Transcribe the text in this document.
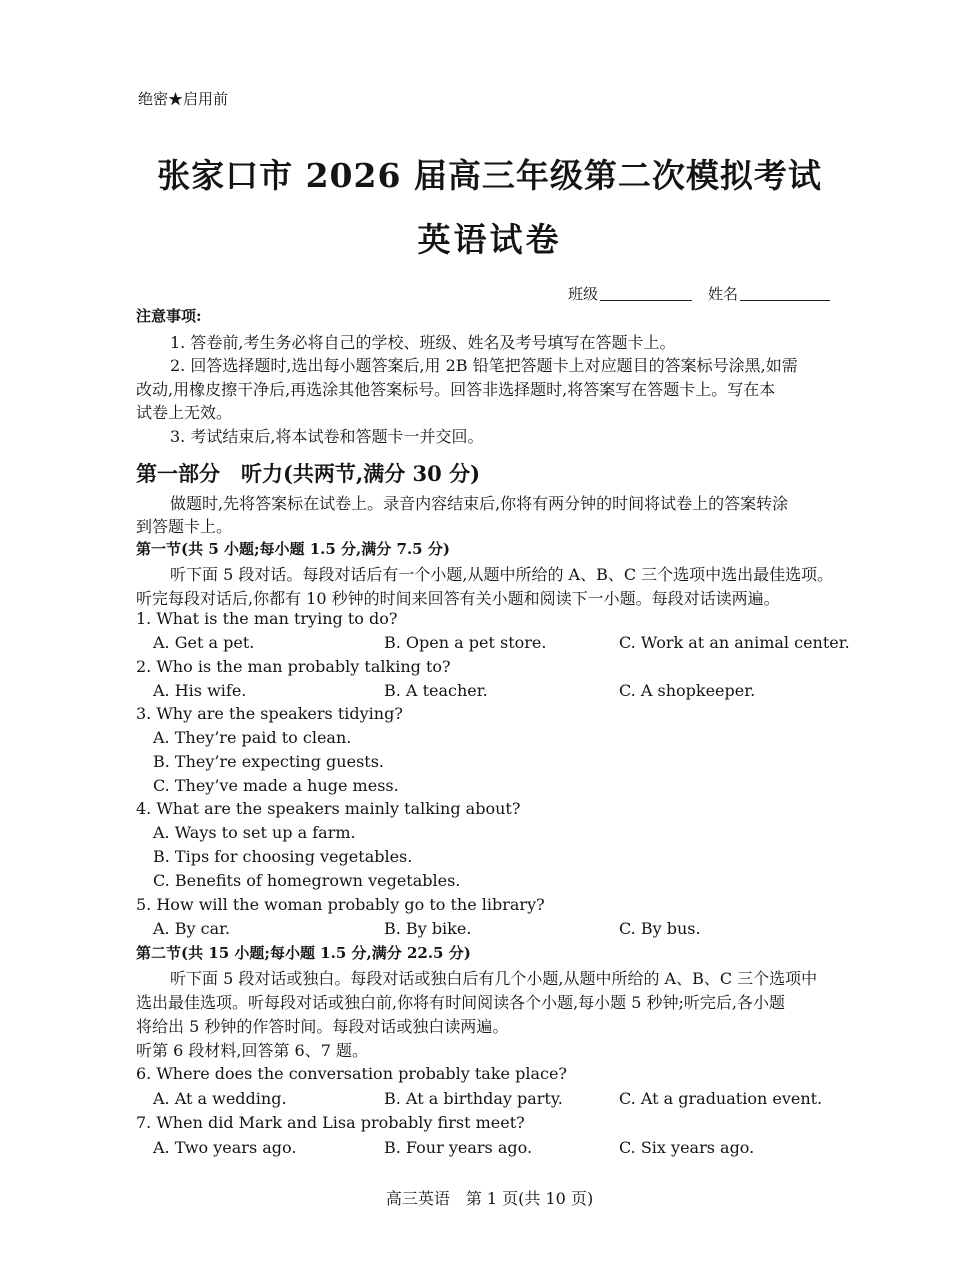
绝密★启用前
张家口市 2026 届高三年级第二次模拟考试
英语试卷
班级	姓名
注意事项:
1. 答卷前,考生务必将自己的学校、班级、姓名及考号填写在答题卡上。
2. 回答选择题时,选出每小题答案后,用 2B 铅笔把答题卡上对应题目的答案标号涂黑,如需
改动,用橡皮擦干净后,再选涂其他答案标号。回答非选择题时,将答案写在答题卡上。写在本
试卷上无效。
3. 考试结束后,将本试卷和答题卡一并交回。
第一部分　听力(共两节,满分 30 分)
做题时,先将答案标在试卷上。录音内容结束后,你将有两分钟的时间将试卷上的答案转涂
到答题卡上。
第一节(共 5 小题;每小题 1.5 分,满分 7.5 分)
听下面 5 段对话。每段对话后有一个小题,从题中所给的 A、B、C 三个选项中选出最佳选项。
听完每段对话后,你都有 10 秒钟的时间来回答有关小题和阅读下一小题。每段对话读两遍。
1. What is the man trying to do?
A. Get a pet.	B. Open a pet store.	C. Work at an animal center.
2. Who is the man probably talking to?
A. His wife.	B. A teacher.	C. A shopkeeper.
3. Why are the speakers tidying?
A. They’re paid to clean.
B. They’re expecting guests.
C. They’ve made a huge mess.
4. What are the speakers mainly talking about?
A. Ways to set up a farm.
B. Tips for choosing vegetables.
C. Benefits of homegrown vegetables.
5. How will the woman probably go to the library?
A. By car.	B. By bike.	C. By bus.
第二节(共 15 小题;每小题 1.5 分,满分 22.5 分)
听下面 5 段对话或独白。每段对话或独白后有几个小题,从题中所给的 A、B、C 三个选项中
选出最佳选项。听每段对话或独白前,你将有时间阅读各个小题,每小题 5 秒钟;听完后,各小题
将给出 5 秒钟的作答时间。每段对话或独白读两遍。
听第 6 段材料,回答第 6、7 题。
6. Where does the conversation probably take place?
A. At a wedding.	B. At a birthday party.	C. At a graduation event.
7. When did Mark and Lisa probably first meet?
A. Two years ago.	B. Four years ago.	C. Six years ago.
高三英语　第 1 页(共 10 页)
